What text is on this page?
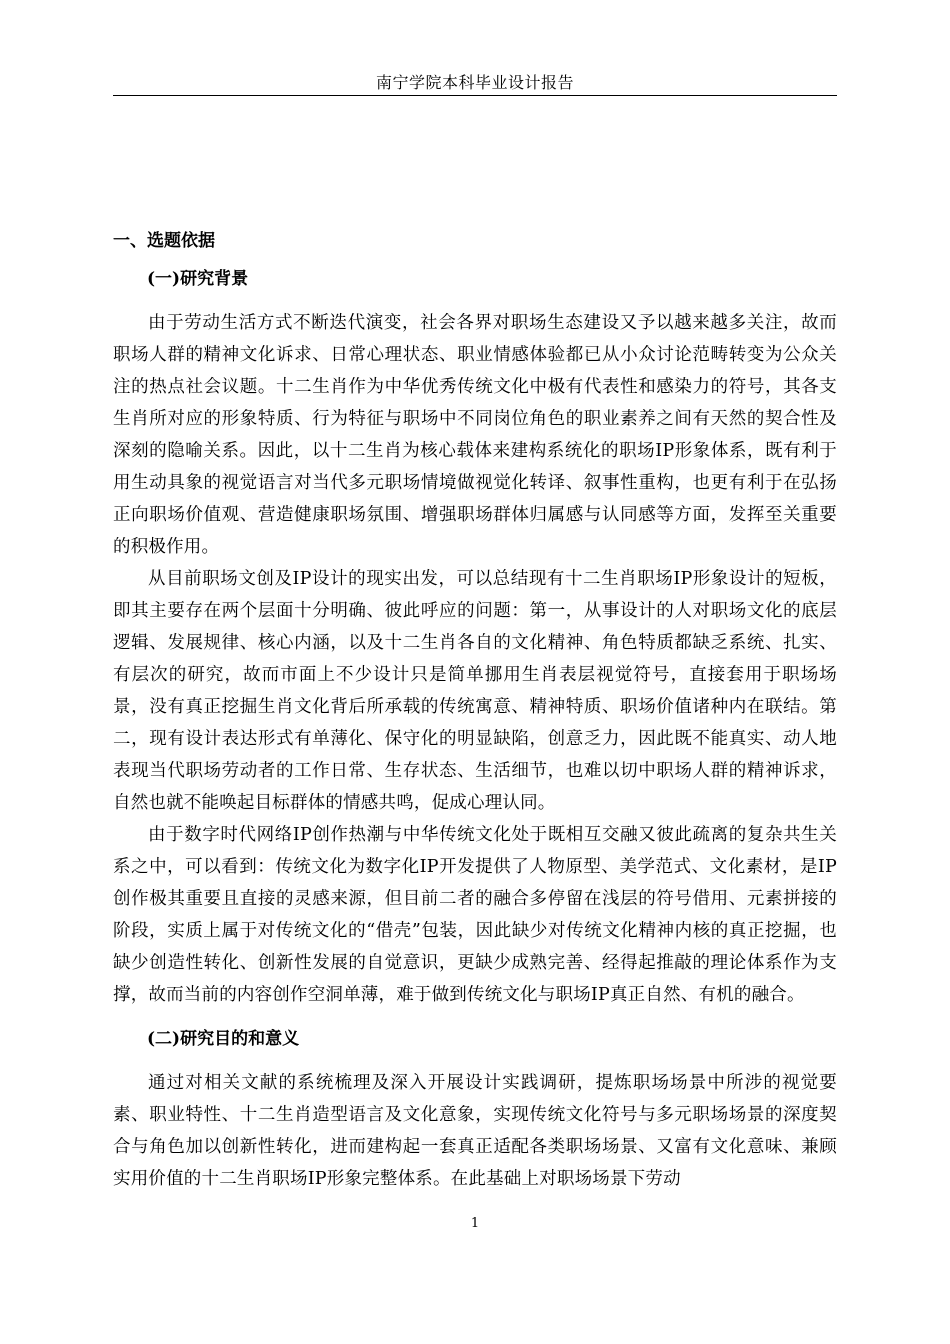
南宁学院本科毕业设计报告
一、选题依据
(一)研究背景

由于劳动生活方式不断迭代演变，社会各界对职场生态建设又予以越来越多关注，故而职场人群的精神文化诉求、日常心理状态、职业情感体验都已从小众讨论范畴转变为公众关注的热点社会议题。十二生肖作为中华优秀传统文化中极有代表性和感染力的符号，其各支生肖所对应的形象特质、行为特征与职场中不同岗位角色的职业素养之间有天然的契合性及深刻的隐喻关系。因此，以十二生肖为核心载体来建构系统化的职场IP形象体系，既有利于用生动具象的视觉语言对当代多元职场情境做视觉化转译、叙事性重构，也更有利于在弘扬正向职场价值观、营造健康职场氛围、增强职场群体归属感与认同感等方面，发挥至关重要的积极作用。

从目前职场文创及IP设计的现实出发，可以总结现有十二生肖职场IP形象设计的短板，即其主要存在两个层面十分明确、彼此呼应的问题：第一，从事设计的人对职场文化的底层逻辑、发展规律、核心内涵，以及十二生肖各自的文化精神、角色特质都缺乏系统、扎实、有层次的研究，故而市面上不少设计只是简单挪用生肖表层视觉符号，直接套用于职场场景，没有真正挖掘生肖文化背后所承载的传统寓意、精神特质、职场价值诸种内在联结。第二，现有设计表达形式有单薄化、保守化的明显缺陷，创意乏力，因此既不能真实、动人地表现当代职场劳动者的工作日常、生存状态、生活细节，也难以切中职场人群的精神诉求，自然也就不能唤起目标群体的情感共鸣，促成心理认同。

由于数字时代网络IP创作热潮与中华传统文化处于既相互交融又彼此疏离的复杂共生关系之中，可以看到：传统文化为数字化IP开发提供了人物原型、美学范式、文化素材，是IP创作极其重要且直接的灵感来源，但目前二者的融合多停留在浅层的符号借用、元素拼接的阶段，实质上属于对传统文化的“借壳”包装，因此缺少对传统文化精神内核的真正挖掘，也缺少创造性转化、创新性发展的自觉意识，更缺少成熟完善、经得起推敲的理论体系作为支撑，故而当前的内容创作空洞单薄，难于做到传统文化与职场IP真正自然、有机的融合。

(二)研究目的和意义

通过对相关文献的系统梳理及深入开展设计实践调研，提炼职场场景中所涉的视觉要素、职业特性、十二生肖造型语言及文化意象，实现传统文化符号与多元职场场景的深度契合与角色加以创新性转化，进而建构起一套真正适配各类职场场景、又富有文化意味、兼顾实用价值的十二生肖职场IP形象完整体系。在此基础上对职场场景下劳动

1
